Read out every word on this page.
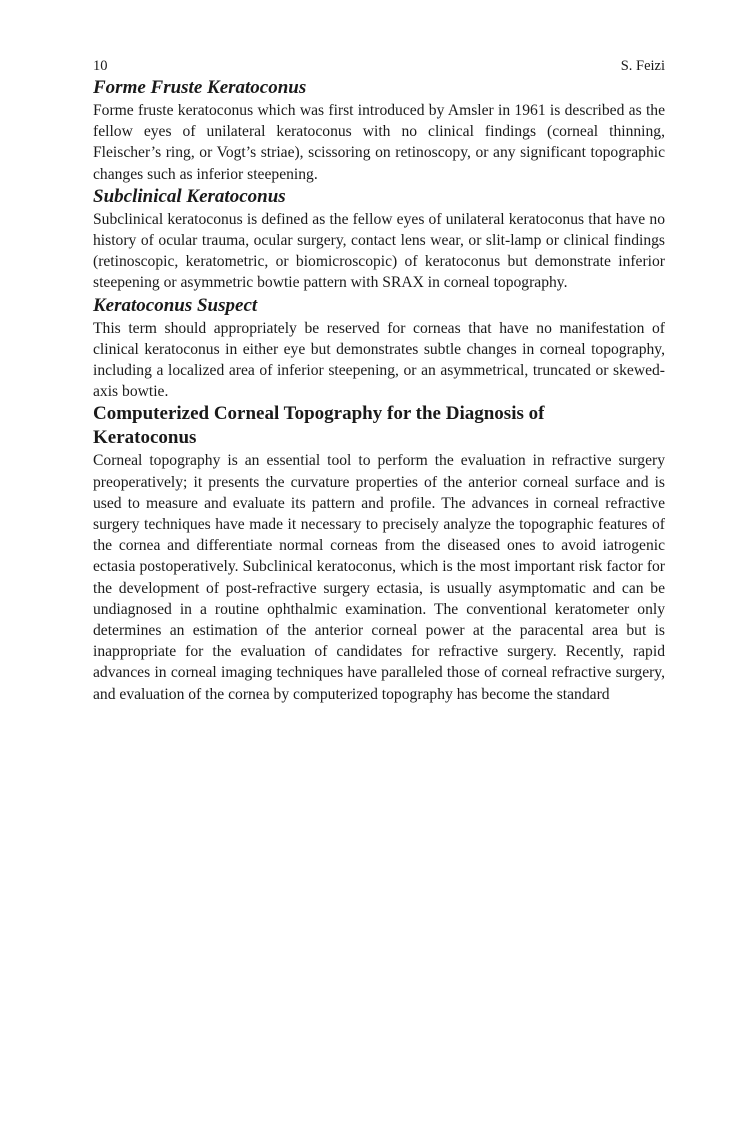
10	S. Feizi
Forme Fruste Keratoconus

Forme fruste keratoconus which was first introduced by Amsler in 1961 is described as the fellow eyes of unilateral keratoconus with no clinical findings (corneal thinning, Fleischer’s ring, or Vogt’s striae), scissoring on retinoscopy, or any significant topographic changes such as inferior steepening.

Subclinical Keratoconus

Subclinical keratoconus is defined as the fellow eyes of unilateral keratoconus that have no history of ocular trauma, ocular surgery, contact lens wear, or slit-lamp or clinical findings (retinoscopic, keratometric, or biomicroscopic) of keratoconus but demonstrate inferior steepening or asymmetric bowtie pattern with SRAX in corneal topography.

Keratoconus Suspect

This term should appropriately be reserved for corneas that have no manifestation of clinical keratoconus in either eye but demonstrates subtle changes in corneal topography, including a localized area of inferior steepening, or an asymmetrical, truncated or skewed-axis bowtie.

Computerized Corneal Topography for the Diagnosis of Keratoconus

Corneal topography is an essential tool to perform the evaluation in refractive surgery preoperatively; it presents the curvature properties of the anterior corneal surface and is used to measure and evaluate its pattern and profile. The advances in corneal refractive surgery techniques have made it necessary to precisely analyze the topographic features of the cornea and differentiate normal corneas from the diseased ones to avoid iatrogenic ectasia postoperatively. Subclinical keratoconus, which is the most important risk factor for the development of post-refractive surgery ectasia, is usually asymptomatic and can be undiagnosed in a routine ophthalmic examination. The conventional keratometer only determines an estimation of the anterior corneal power at the paracental area but is inappropriate for the evaluation of candidates for refractive surgery. Recently, rapid advances in corneal imaging techniques have paralleled those of corneal refractive surgery, and evaluation of the cornea by computerized topography has become the standard
